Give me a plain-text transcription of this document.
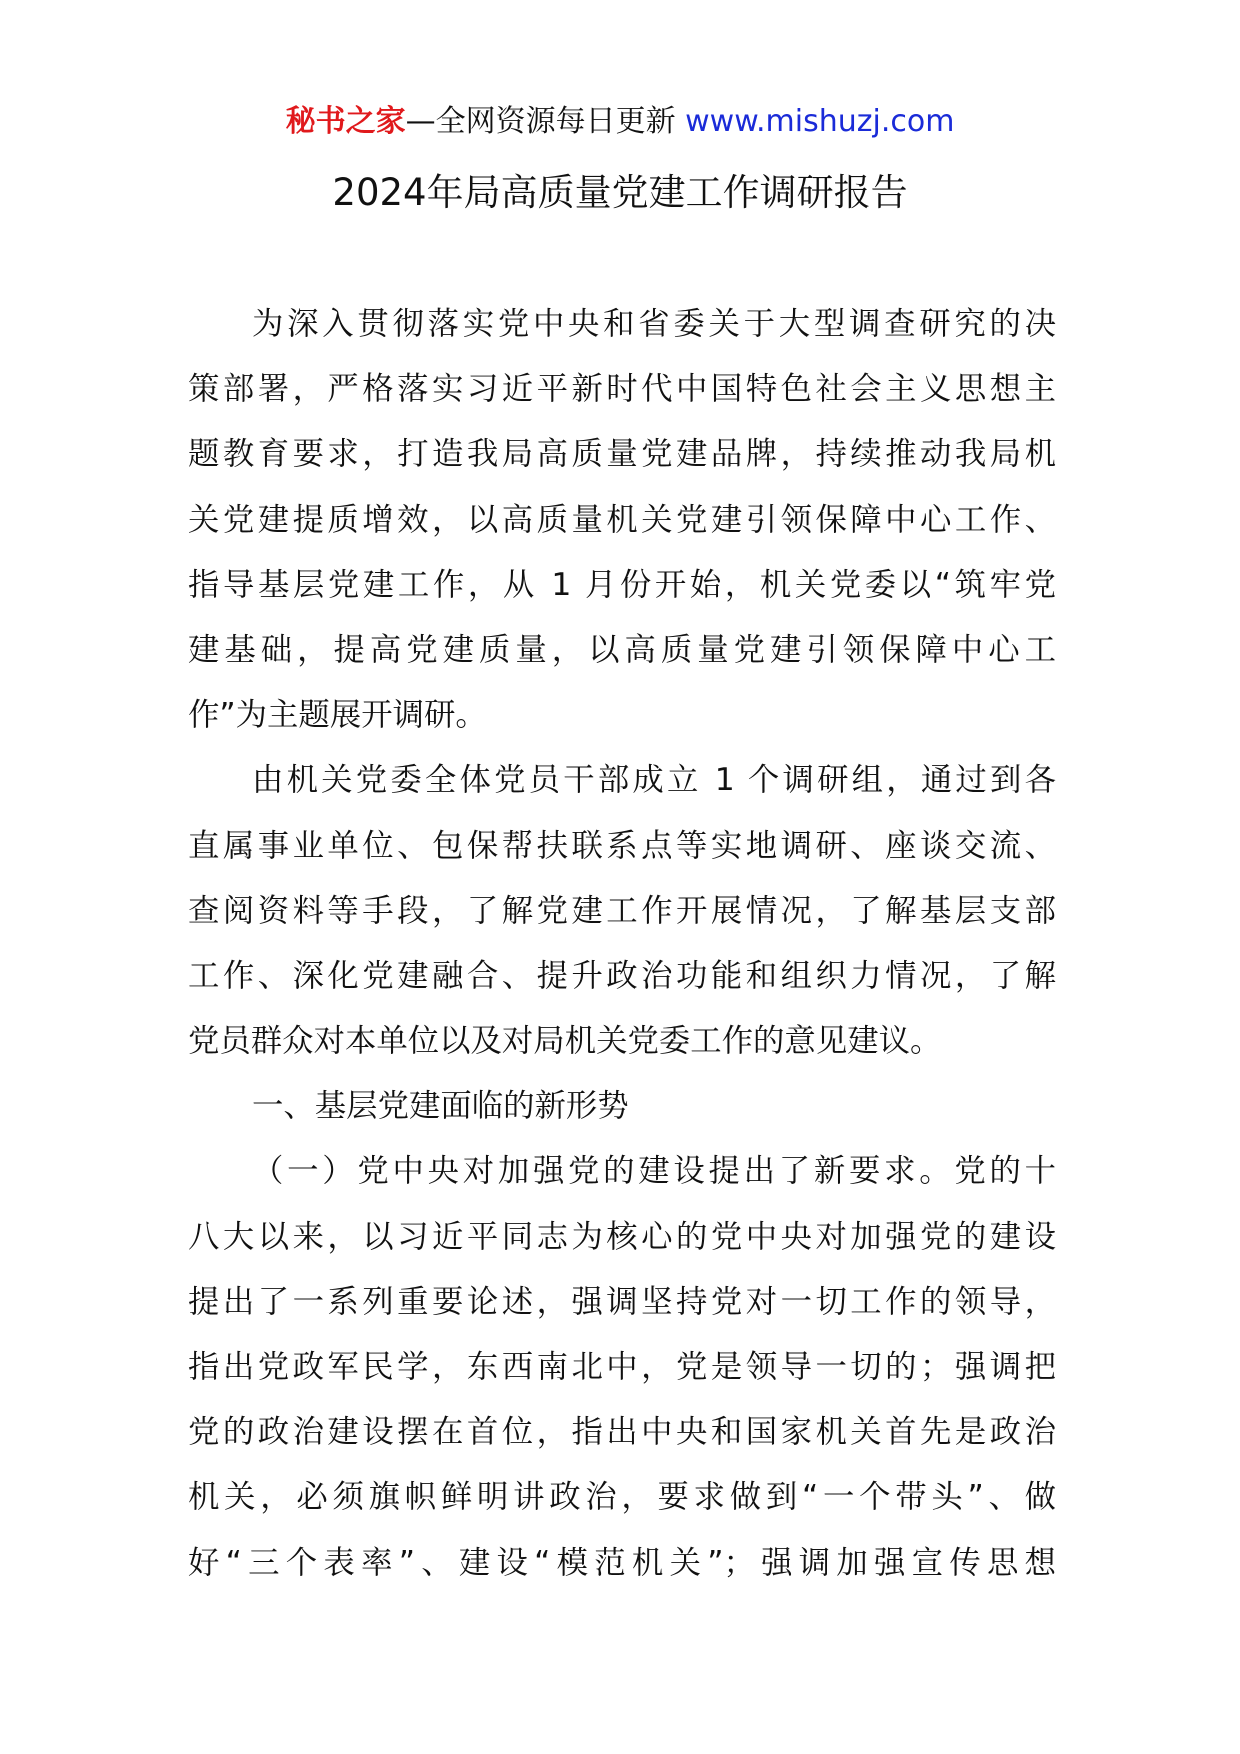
秘书之家—全网资源每日更新 www.mishuzj.com
2024年局高质量党建工作调研报告

为深入贯彻落实党中央和省委关于大型调查研究的决
策部署，严格落实习近平新时代中国特色社会主义思想主
题教育要求，打造我局高质量党建品牌，持续推动我局机
关党建提质增效，以高质量机关党建引领保障中心工作、
指导基层党建工作，从 1 月份开始，机关党委以“筑牢党
建基础，提高党建质量，以高质量党建引领保障中心工
作”为主题展开调研。

由机关党委全体党员干部成立 1 个调研组，通过到各
直属事业单位、包保帮扶联系点等实地调研、座谈交流、
查阅资料等手段，了解党建工作开展情况，了解基层支部
工作、深化党建融合、提升政治功能和组织力情况，了解
党员群众对本单位以及对局机关党委工作的意见建议。

一、基层党建面临的新形势

（一）党中央对加强党的建设提出了新要求。党的十
八大以来，以习近平同志为核心的党中央对加强党的建设
提出了一系列重要论述，强调坚持党对一切工作的领导，
指出党政军民学，东西南北中，党是领导一切的；强调把
党的政治建设摆在首位，指出中央和国家机关首先是政治
机关，必须旗帜鲜明讲政治，要求做到“一个带头”、做
好“三个表率”、建设“模范机关”；强调加强宣传思想
